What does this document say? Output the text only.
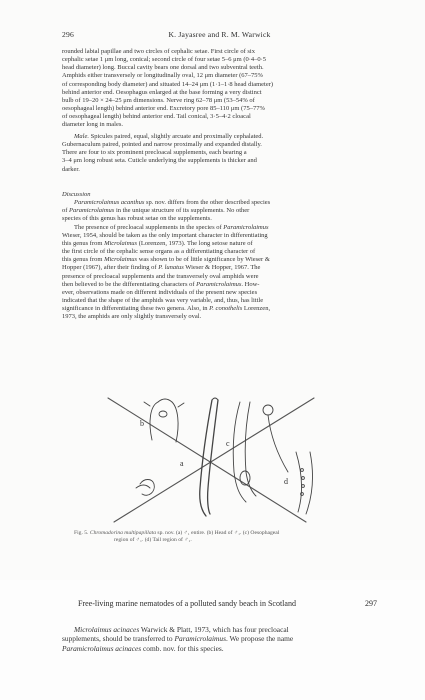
296	K. Jayasree and R. M. Warwick

rounded labial papillae and two circles of cephalic setae. First circle of six

cephalic setae 1 μm long, conical; second circle of four setae 5–6 μm (0·4–0·5

head diameter) long. Buccal cavity bears one dorsal and two subventral teeth.

Amphids either transversely or longitudinally oval, 12 μm diameter (67–75%

of corresponding body diameter) and situated 14–24 μm (1·1–1·8 head diameter)

behind anterior end. Oesophagus enlarged at the base forming a very distinct

bulb of 19–20 × 24–25 μm dimensions. Nerve ring 62–78 μm (53–54% of

oesophageal length) behind anterior end. Excretory pore 85–110 μm (75–77%

of oesophageal length) behind anterior end. Tail conical, 3·5–4·2 cloacal

diameter long in males.

Male. Spicules paired, equal, slightly arcuate and proximally cephalated.

Gubernaculum paired, pointed and narrow proximally and expanded distally.

There are four to six prominent precloacal supplements, each bearing a

3–4 μm long robust seta. Cuticle underlying the supplements is thicker and

darker.

Discussion

Paramicrolaimus acanthus sp. nov. differs from the other described species

of Paramicrolaimus in the unique structure of its supplements. No other

species of this genus has robust setae on the supplements.

The presence of precloacal supplements in the species of Paramicrolaimus

Wieser, 1954, should be taken as the only important character in differentiating

this genus from Microlaimus (Lorenzen, 1973). The long setose nature of

the first circle of the cephalic sense organs as a differentiating character of

this genus from Microlaimus was shown to be of little significance by Wieser &

Hopper (1967), after their finding of P. lunatus Wieser & Hopper, 1967. The

presence of precloacal supplements and the transversely oval amphids were

then believed to be the differentiating characters of Paramicrolaimus. How-

ever, observations made on different individuals of the present new species

indicated that the shape of the amphids was very variable, and, thus, has little

significance in differentiating these two genera. Also, in P. conothelis Lorenzen,

1973, the amphids are only slightly transversely oval.

b
a
c
d

Fig. 5. Chromadorina multipapillata sp. nov. (a) ♂₁ entire. (b) Head of ♂₁. (c) Oesophageal

region of ♂₁. (d) Tail region of ♂₁.

Free-living marine nematodes of a polluted sandy beach in Scotland	297

Microlaimus acinaces Warwick & Platt, 1973, which has four precloacal

supplements, should be transferred to Paramicrolaimus. We propose the name

Paramicrolaimus acinaces comb. nov. for this species.
